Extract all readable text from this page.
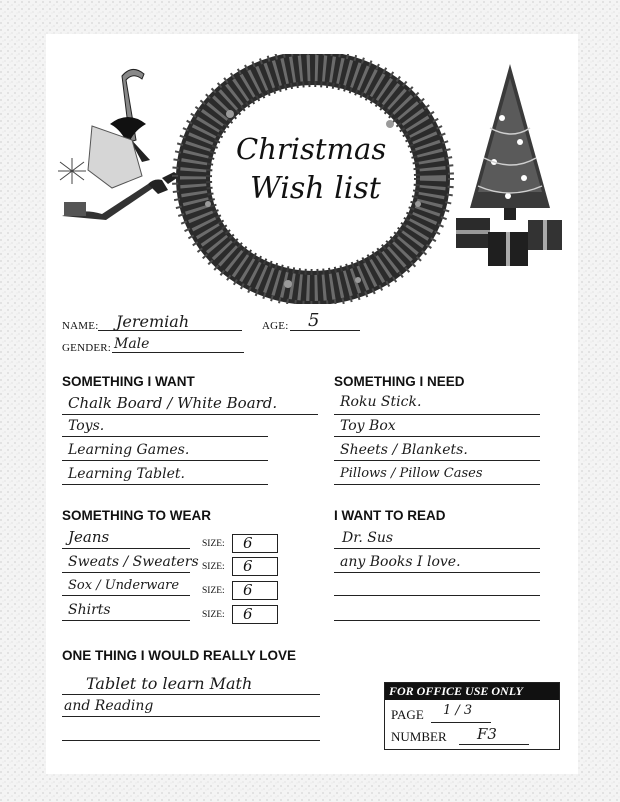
Christmas
Wish list
NAME: Jeremiah	AGE: 5
GENDER: Male
SOMETHING I WANT
Chalk Board / White Board.
Toys.
Learning Games.
Learning Tablet.
SOMETHING I NEED
Roku Stick.
Toy Box
Sheets / Blankets.
Pillows / Pillow Cases
SOMETHING TO WEAR
Jeans	SIZE: 6
Sweats / Sweaters SIZE: 6
Sox / Underware SIZE: 6
Shirts	SIZE: 6
I WANT TO READ
Dr. Sus
any Books I love.
ONE THING I WOULD REALLY LOVE
Tablet to learn Math
and Reading
FOR OFFICE USE ONLY
PAGE 1 / 3
NUMBER F3
